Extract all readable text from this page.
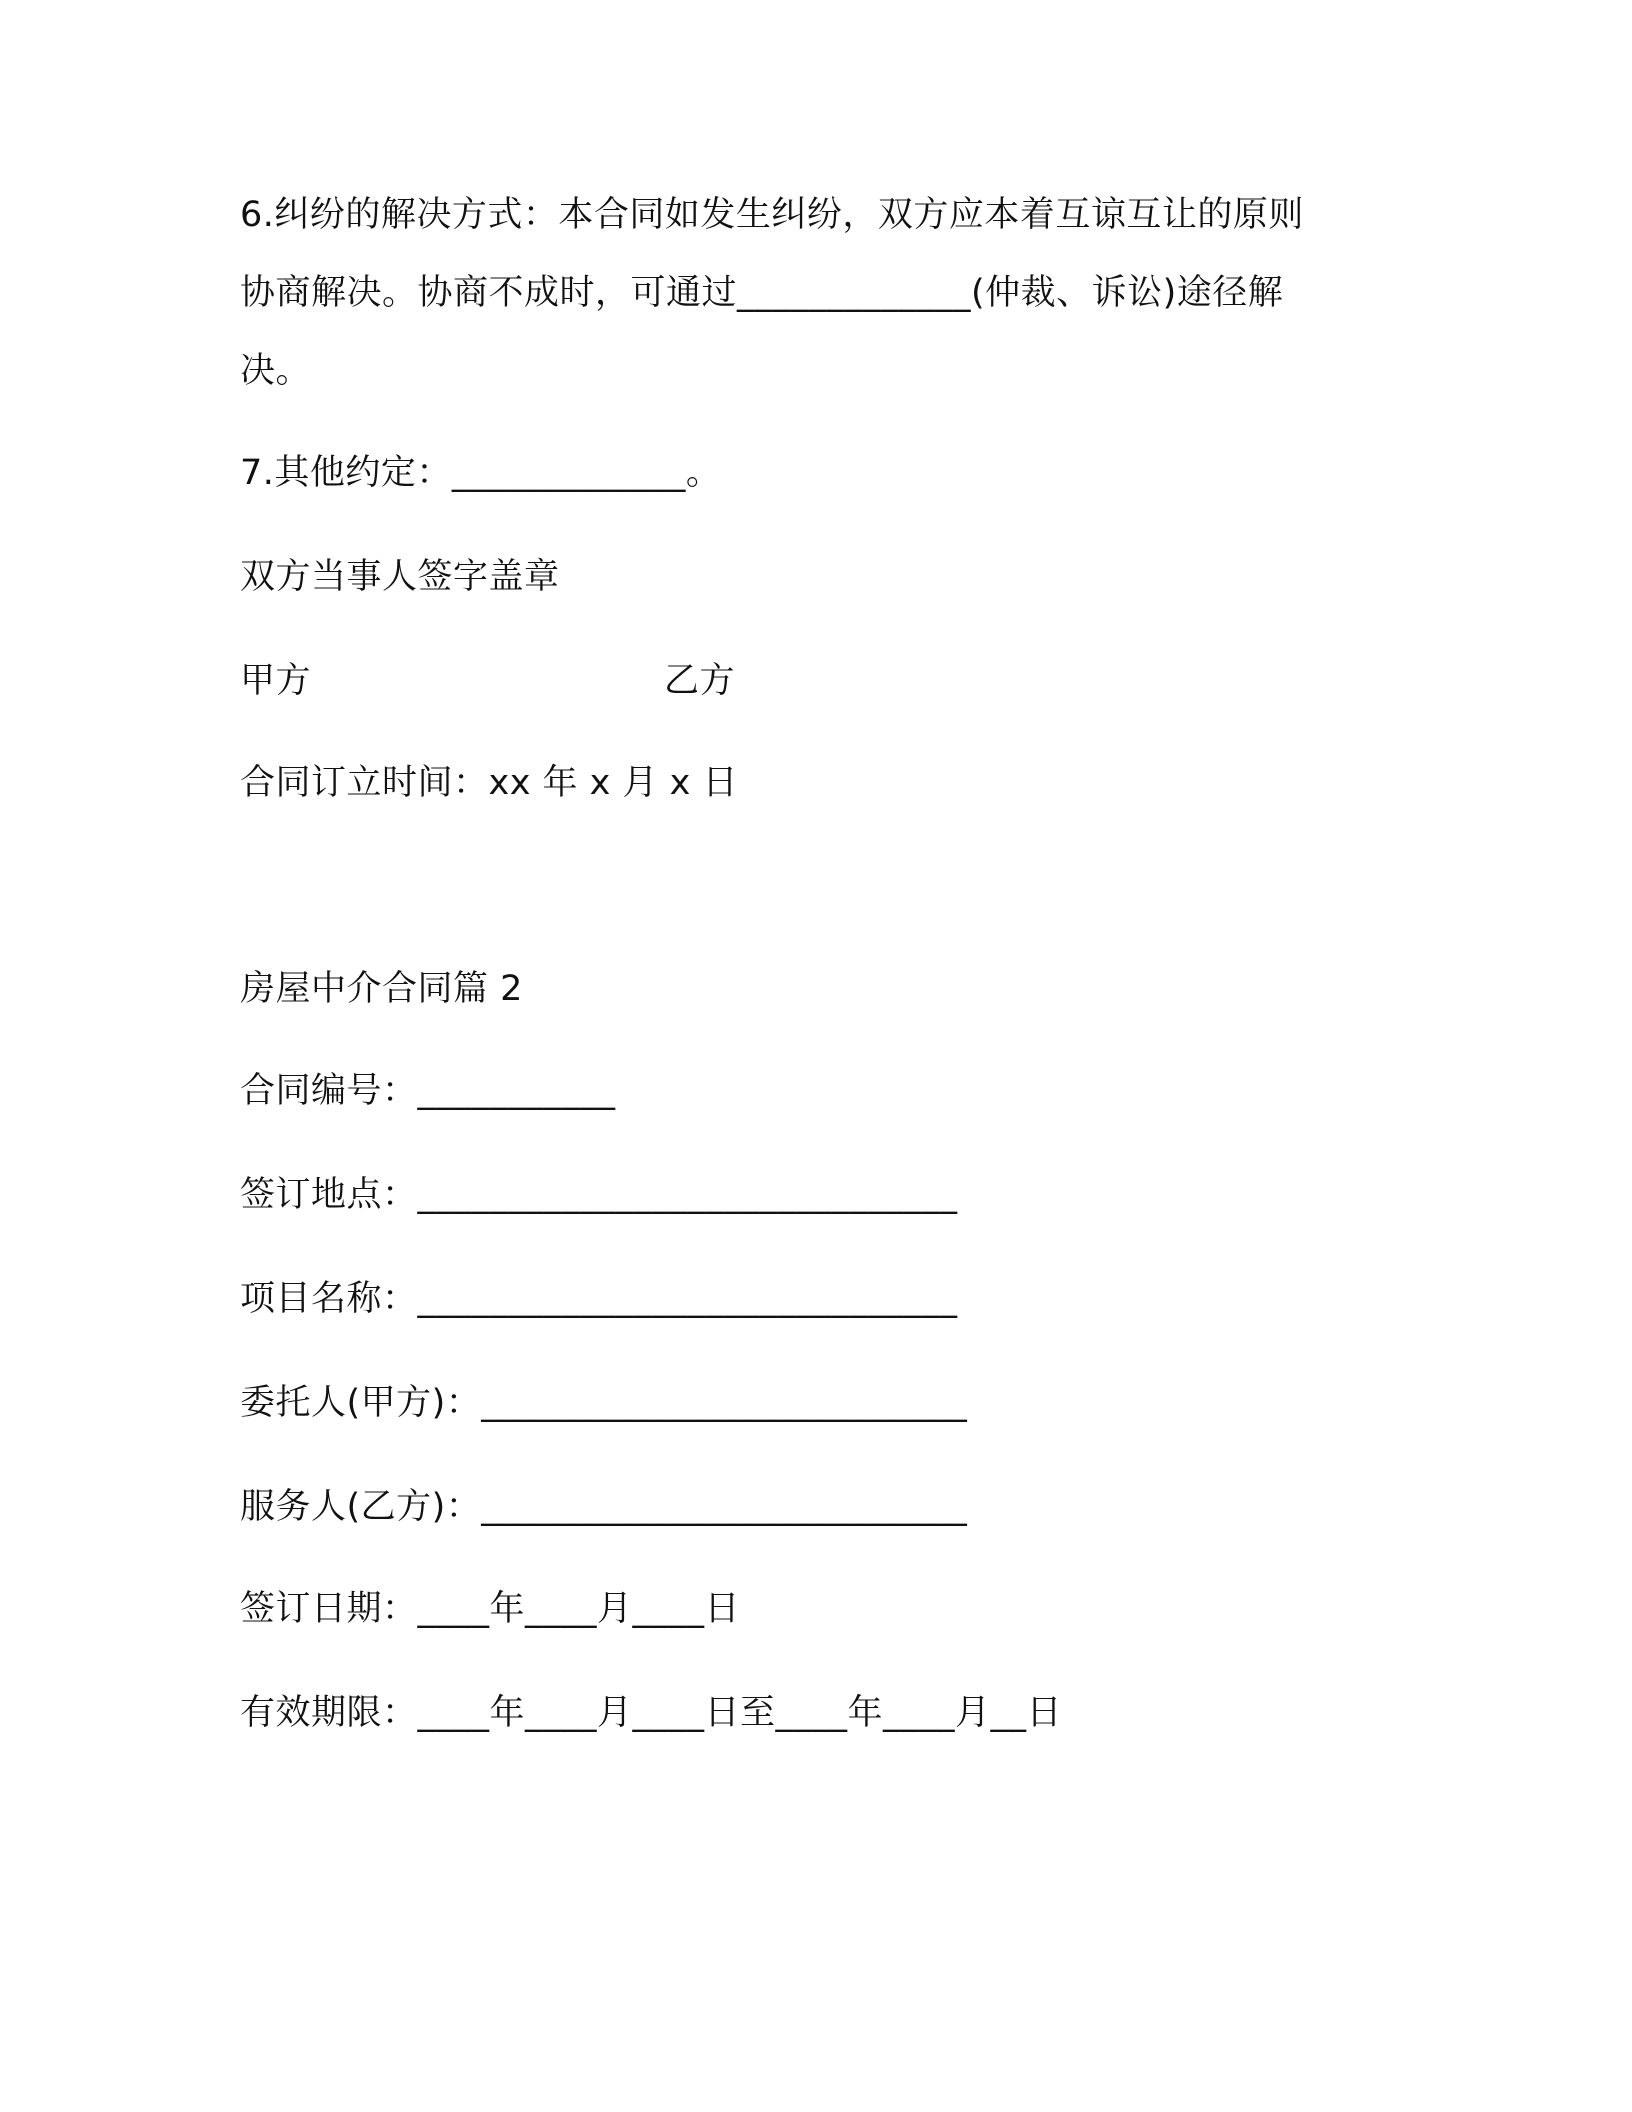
6.纠纷的解决方式：本合同如发生纠纷，双方应本着互谅互让的原则
协商解决。协商不成时，可通过_____________(仲裁、诉讼)途径解
决。
7.其他约定：_____________。
双方当事人签字盖章
甲方	乙方
合同订立时间：xx 年 x 月 x 日
房屋中介合同篇 2
合同编号：___________
签订地点：______________________________
项目名称：______________________________
委托人(甲方)：___________________________
服务人(乙方)：___________________________
签订日期：____年____月____日
有效期限：____年____月____日至____年____月__日
